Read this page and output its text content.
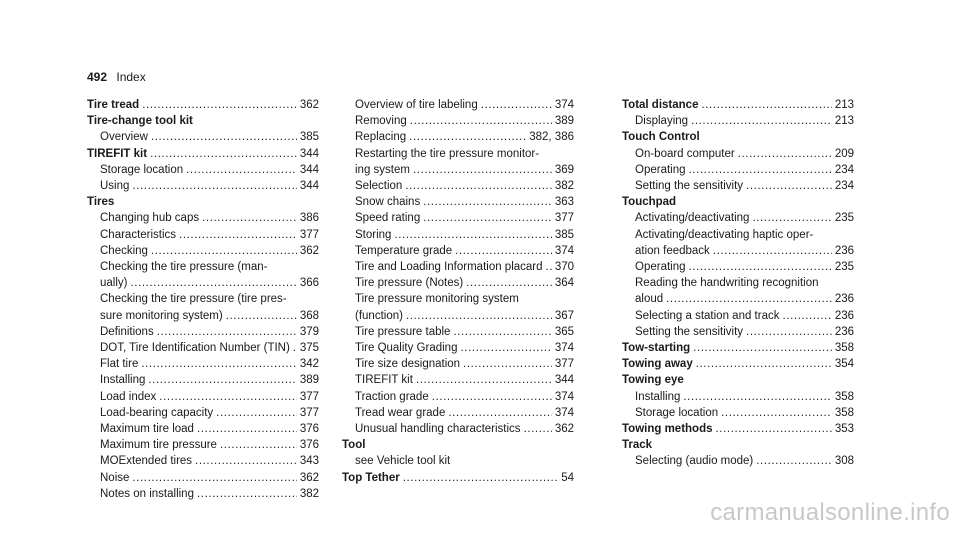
492 Index
Tire tread . . .	362
Tire-change tool kit
Overview . . .	385
TIREFIT kit . . .	344
Storage location . . .	344
Using . . .	344
Tires
Changing hub caps . . .	386
Characteristics . . .	377
Checking . . .	362
Checking the tire pressure (man-
ually) . . .	366
Checking the tire pressure (tire pres-
sure monitoring system) . . .	368
Definitions . . .	379
DOT, Tire Identification Number (TIN) . . . 375
Flat tire . . .	342
Installing . . .	389
Load index . . .	377
Load-bearing capacity . . .	377
Maximum tire load . . .	376
Maximum tire pressure . . .	376
MOExtended tires . . .	343
Noise . . .	362
Notes on installing . . .	382
Overview of tire labeling . . .	374
Removing . . .	389
Replacing . . .	382, 386
Restarting the tire pressure monitor-
ing system . . .	369
Selection . . .	382
Snow chains . . .	363
Speed rating . . .	377
Storing . . .	385
Temperature grade . . .	374
Tire and Loading Information placard . . . 370
Tire pressure (Notes) . . .	364
Tire pressure monitoring system
(function) . . .	367
Tire pressure table . . .	365
Tire Quality Grading . . .	374
Tire size designation . . .	377
TIREFIT kit . . .	344
Traction grade . . .	374
Tread wear grade . . .	374
Unusual handling characteristics . . .	362
Tool
see Vehicle tool kit
Top Tether . . .	54
Total distance . . .	213
Displaying . . .	213
Touch Control
On-board computer . . .	209
Operating . . .	234
Setting the sensitivity . . .	234
Touchpad
Activating/deactivating . . .	235
Activating/deactivating haptic oper-
ation feedback . . .	236
Operating . . .	235
Reading the handwriting recognition
aloud . . .	236
Selecting a station and track . . .	236
Setting the sensitivity . . .	236
Tow-starting . . .	358
Towing away . . .	354
Towing eye
Installing . . .	358
Storage location . . .	358
Towing methods . . .	353
Track
Selecting (audio mode) . . .	308
carmanualsonline.info
